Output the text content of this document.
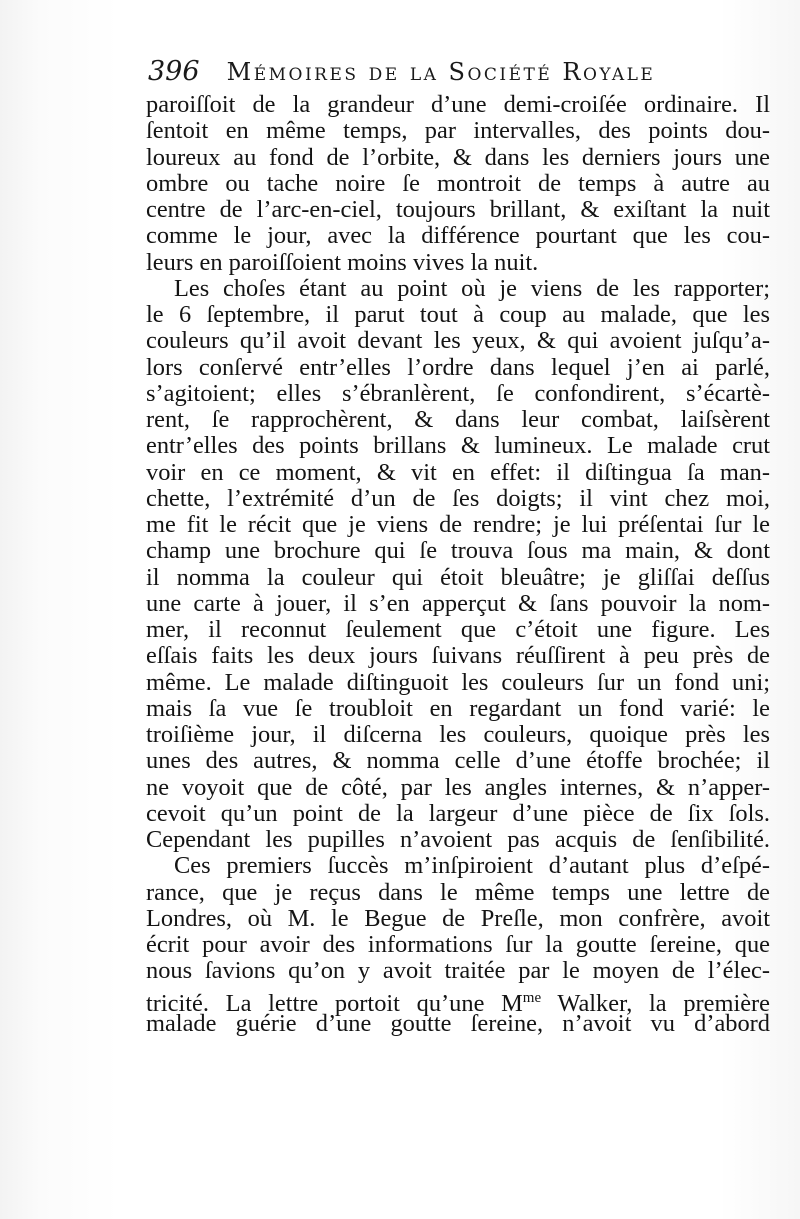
396 Mémoires de la Société Royale
paroiſſoit de la grandeur d’une demi-croiſée ordinaire. Il
ſentoit en même temps, par intervalles, des points dou-
loureux au fond de l’orbite, & dans les derniers jours une
ombre ou tache noire ſe montroit de temps à autre au
centre de l’arc-en-ciel, toujours brillant, & exiſtant la nuit
comme le jour, avec la différence pourtant que les cou-
leurs en paroiſſoient moins vives la nuit.
Les choſes étant au point où je viens de les rapporter;
le 6 ſeptembre, il parut tout à coup au malade, que les
couleurs qu’il avoit devant les yeux, & qui avoient juſqu’a-
lors conſervé entr’elles l’ordre dans lequel j’en ai parlé,
s’agitoient; elles s’ébranlèrent, ſe confondirent, s’écartè-
rent, ſe rapprochèrent, & dans leur combat, laiſsèrent
entr’elles des points brillans & lumineux. Le malade crut
voir en ce moment, & vit en effet: il diſtingua ſa man-
chette, l’extrémité d’un de ſes doigts; il vint chez moi,
me fit le récit que je viens de rendre; je lui préſentai ſur le
champ une brochure qui ſe trouva ſous ma main, & dont
il nomma la couleur qui étoit bleuâtre; je gliſſai deſſus
une carte à jouer, il s’en apperçut & ſans pouvoir la nom-
mer, il reconnut ſeulement que c’étoit une figure. Les
eſſais faits les deux jours ſuivans réuſſirent à peu près de
même. Le malade diſtinguoit les couleurs ſur un fond uni;
mais ſa vue ſe troubloit en regardant un fond varié: le
troiſième jour, il diſcerna les couleurs, quoique près les
unes des autres, & nomma celle d’une étoffe brochée; il
ne voyoit que de côté, par les angles internes, & n’apper-
cevoit qu’un point de la largeur d’une pièce de ſix ſols.
Cependant les pupilles n’avoient pas acquis de ſenſibilité.
Ces premiers ſuccès m’inſpiroient d’autant plus d’eſpé-
rance, que je reçus dans le même temps une lettre de
Londres, où M. le Begue de Preſle, mon confrère, avoit
écrit pour avoir des informations ſur la goutte ſereine, que
nous ſavions qu’on y avoit traitée par le moyen de l’élec-
tricité. La lettre portoit qu’une $M^{me}$ Walker, la première
malade guérie d’une goutte ſereine, n’avoit vu d’abord
